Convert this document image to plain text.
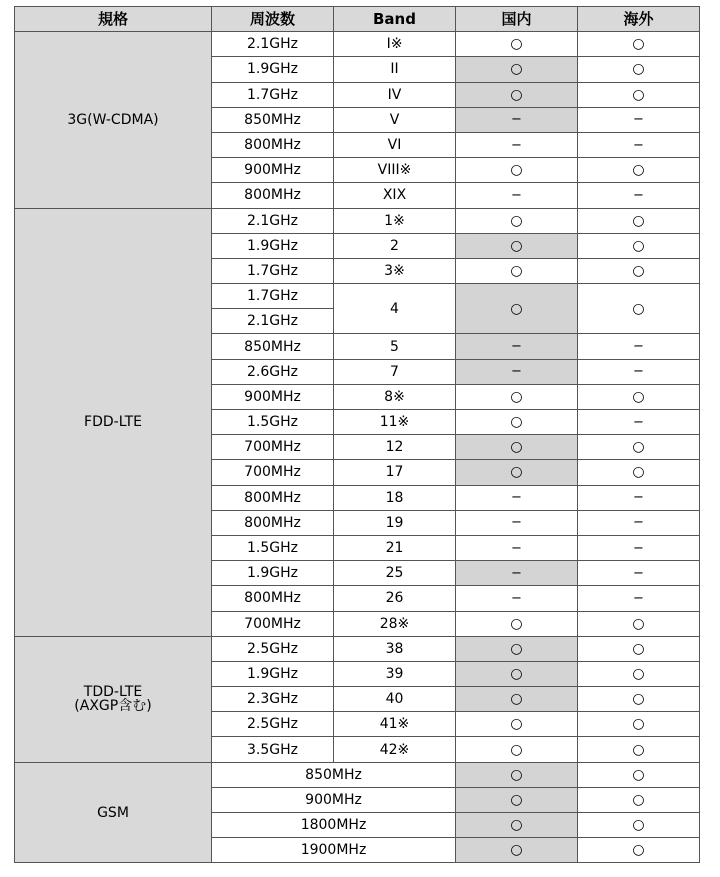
規格	周波数	Band	国内	海外

3G(W-CDMA)	2.1GHz	I※	○	○
	1.9GHz	II	○	○
	1.7GHz	IV	○	○
	850MHz	V	−	−
	800MHz	VI	−	−
	900MHz	VIII※	○	○
	800MHz	XIX	−	−

FDD-LTE	2.1GHz	1※	○	○
	1.9GHz	2	○	○
	1.7GHz	3※	○	○
	1.7GHz	4	○	○
	2.1GHz			
	850MHz	5	−	−
	2.6GHz	7	−	−
	900MHz	8※	○	○
	1.5GHz	11※	○	−
	700MHz	12	○	○
	700MHz	17	○	○
	800MHz	18	−	−
	800MHz	19	−	−
	1.5GHz	21	−	−
	1.9GHz	25	−	−
	800MHz	26	−	−
	700MHz	28※	○	○

TDD-LTE
(AXGP含む)	2.5GHz	38	○	○
	1.9GHz	39	○	○
	2.3GHz	40	○	○
	2.5GHz	41※	○	○
	3.5GHz	42※	○	○

GSM	850MHz		○	○
	900MHz		○	○
	1800MHz		○	○
	1900MHz		○	○
